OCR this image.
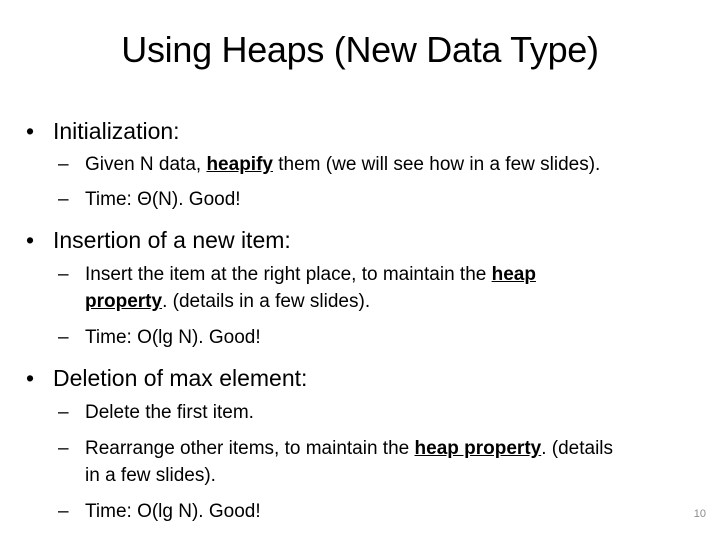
Using Heaps (New Data Type)
• Initialization:
– Given N data, heapify them (we will see how in a few slides).
– Time: Θ(N). Good!
• Insertion of a new item:
– Insert the item at the right place, to maintain the heap
property. (details in a few slides).
– Time: O(lg N). Good!
• Deletion of max element:
– Delete the first item.
– Rearrange other items, to maintain the heap property. (details
in a few slides).
– Time: O(lg N). Good!	10
